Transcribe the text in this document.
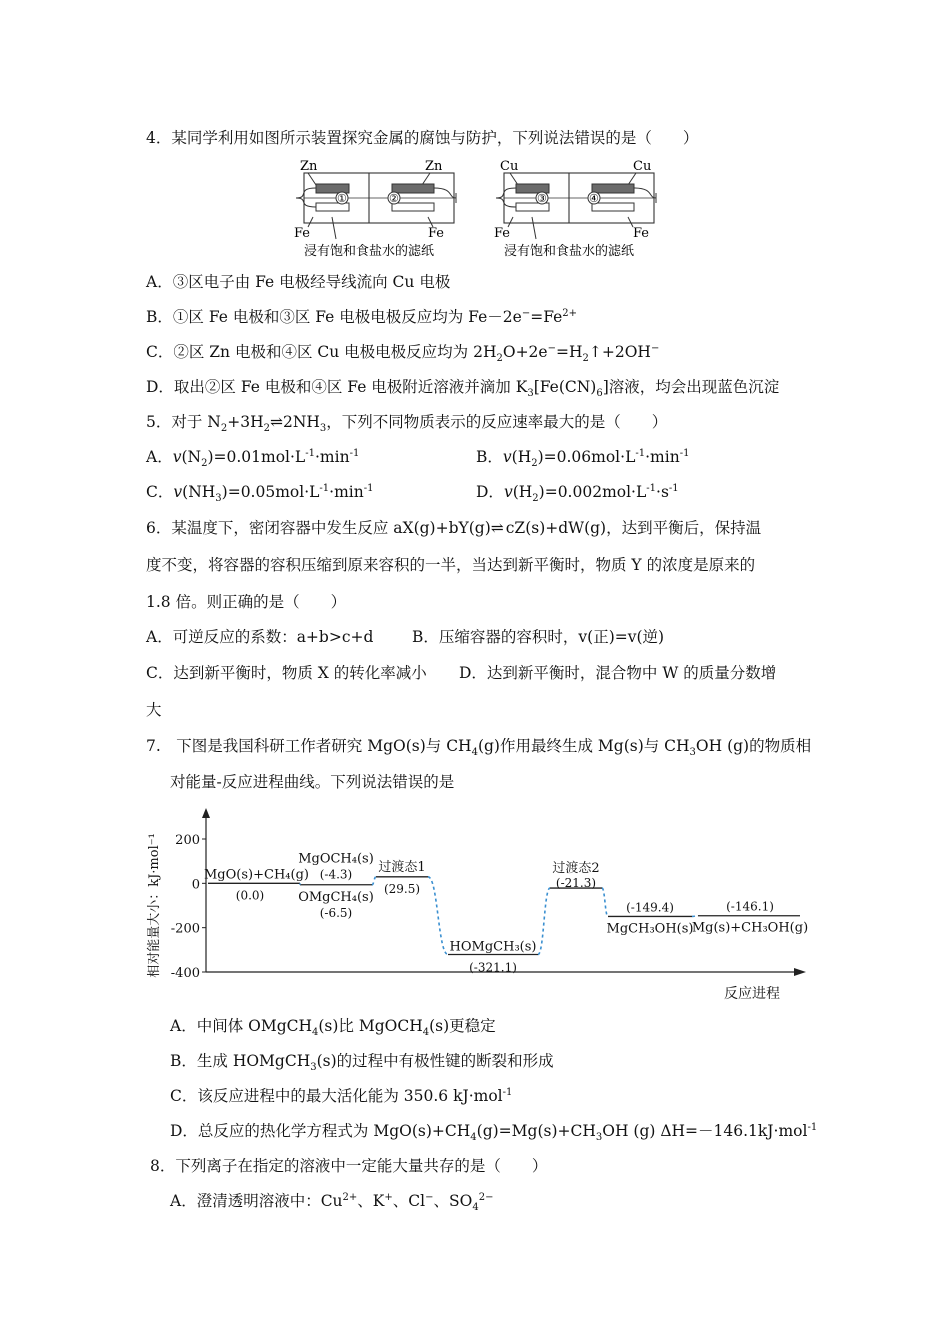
4．某同学利用如图所示装置探究金属的腐蚀与防护，下列说法错误的是（　　）
Zn	Zn
①	②
Fe	Fe
浸有饱和食盐水的滤纸
Cu	Cu
③	④
Fe	Fe
浸有饱和食盐水的滤纸
A．③区电子由 Fe 电极经导线流向 Cu 电极
B．①区 Fe 电极和③区 Fe 电极电极反应均为 $Fe-2e^-=Fe^{2+}$
C．②区 Zn 电极和④区 Cu 电极电极反应均为 $2H_2O+2e^-=H_2↑+2OH^-$
D．取出②区 Fe 电极和④区 Fe 电极附近溶液并滴加 $K_3[Fe(CN)_6]$溶液，均会出现蓝色沉淀
5．对于 $N_2+3H_2\rightleftharpoons 2NH_3$，下列不同物质表示的反应速率最大的是（　　）
A．$v(N_2)=0.01mol\cdot L^{-1}\cdot\min^{-1}$	B．$v(H_2)=0.06mol\cdot L^{-1}\cdot\min^{-1}$
C．$v(NH_3)=0.05mol\cdot L^{-1}\cdot\min^{-1}$	D．$v(H_2)=0.002mol\cdot L^{-1}\cdot s^{-1}$
6．某温度下，密闭容器中发生反应 aX(g)+bY(g)⇌cZ(s)+dW(g)，达到平衡后，保持温
度不变，将容器的容积压缩到原来容积的一半，当达到新平衡时，物质 Y 的浓度是原来的
1.8 倍。则正确的是（　　）
A．可逆反应的系数：a+b>c+d B．压缩容器的容积时，v(正)=v(逆)
C．达到新平衡时，物质 X 的转化率减小 D．达到新平衡时，混合物中 W 的质量分数增
大
7.　下图是我国科研工作者研究 MgO(s)与 $CH_4(g)$作用最终生成 Mg(s)与 $CH_3OH$ (g)的物质相
对能量-反应进程曲线。下列说法错误的是
200
0
-200
-400
相对能量大小：kJ·mol⁻¹
反应进程
MgO(s)+CH₄(g)
(0.0)
MgOCH₄(s)
(-4.3)
OMgCH₄(s)
(-6.5)
过渡态1
(29.5)
HOMgCH₃(s)
(-321.1)
过渡态2
(-21.3)
(-149.4)
MgCH₃OH(s)
(-146.1)
Mg(s)+CH₃OH(g)
A．中间体 OMgCH$_4$(s)比 MgOCH$_4$(s)更稳定
B．生成 HOMgCH$_3$(s)的过程中有极性键的断裂和形成
C．该反应进程中的最大活化能为 350.6 kJ·mol$^{-1}$
D．总反应的热化学方程式为 $MgO(s)+CH_4(g)=Mg(s)+CH_3OH$ (g) ΔH=－146.1kJ·mol$^{-1}$
8．下列离子在指定的溶液中一定能大量共存的是（　　）
A．澄清透明溶液中：$Cu^{2+}$、K+、Cl−、$SO_4^{2-}$
